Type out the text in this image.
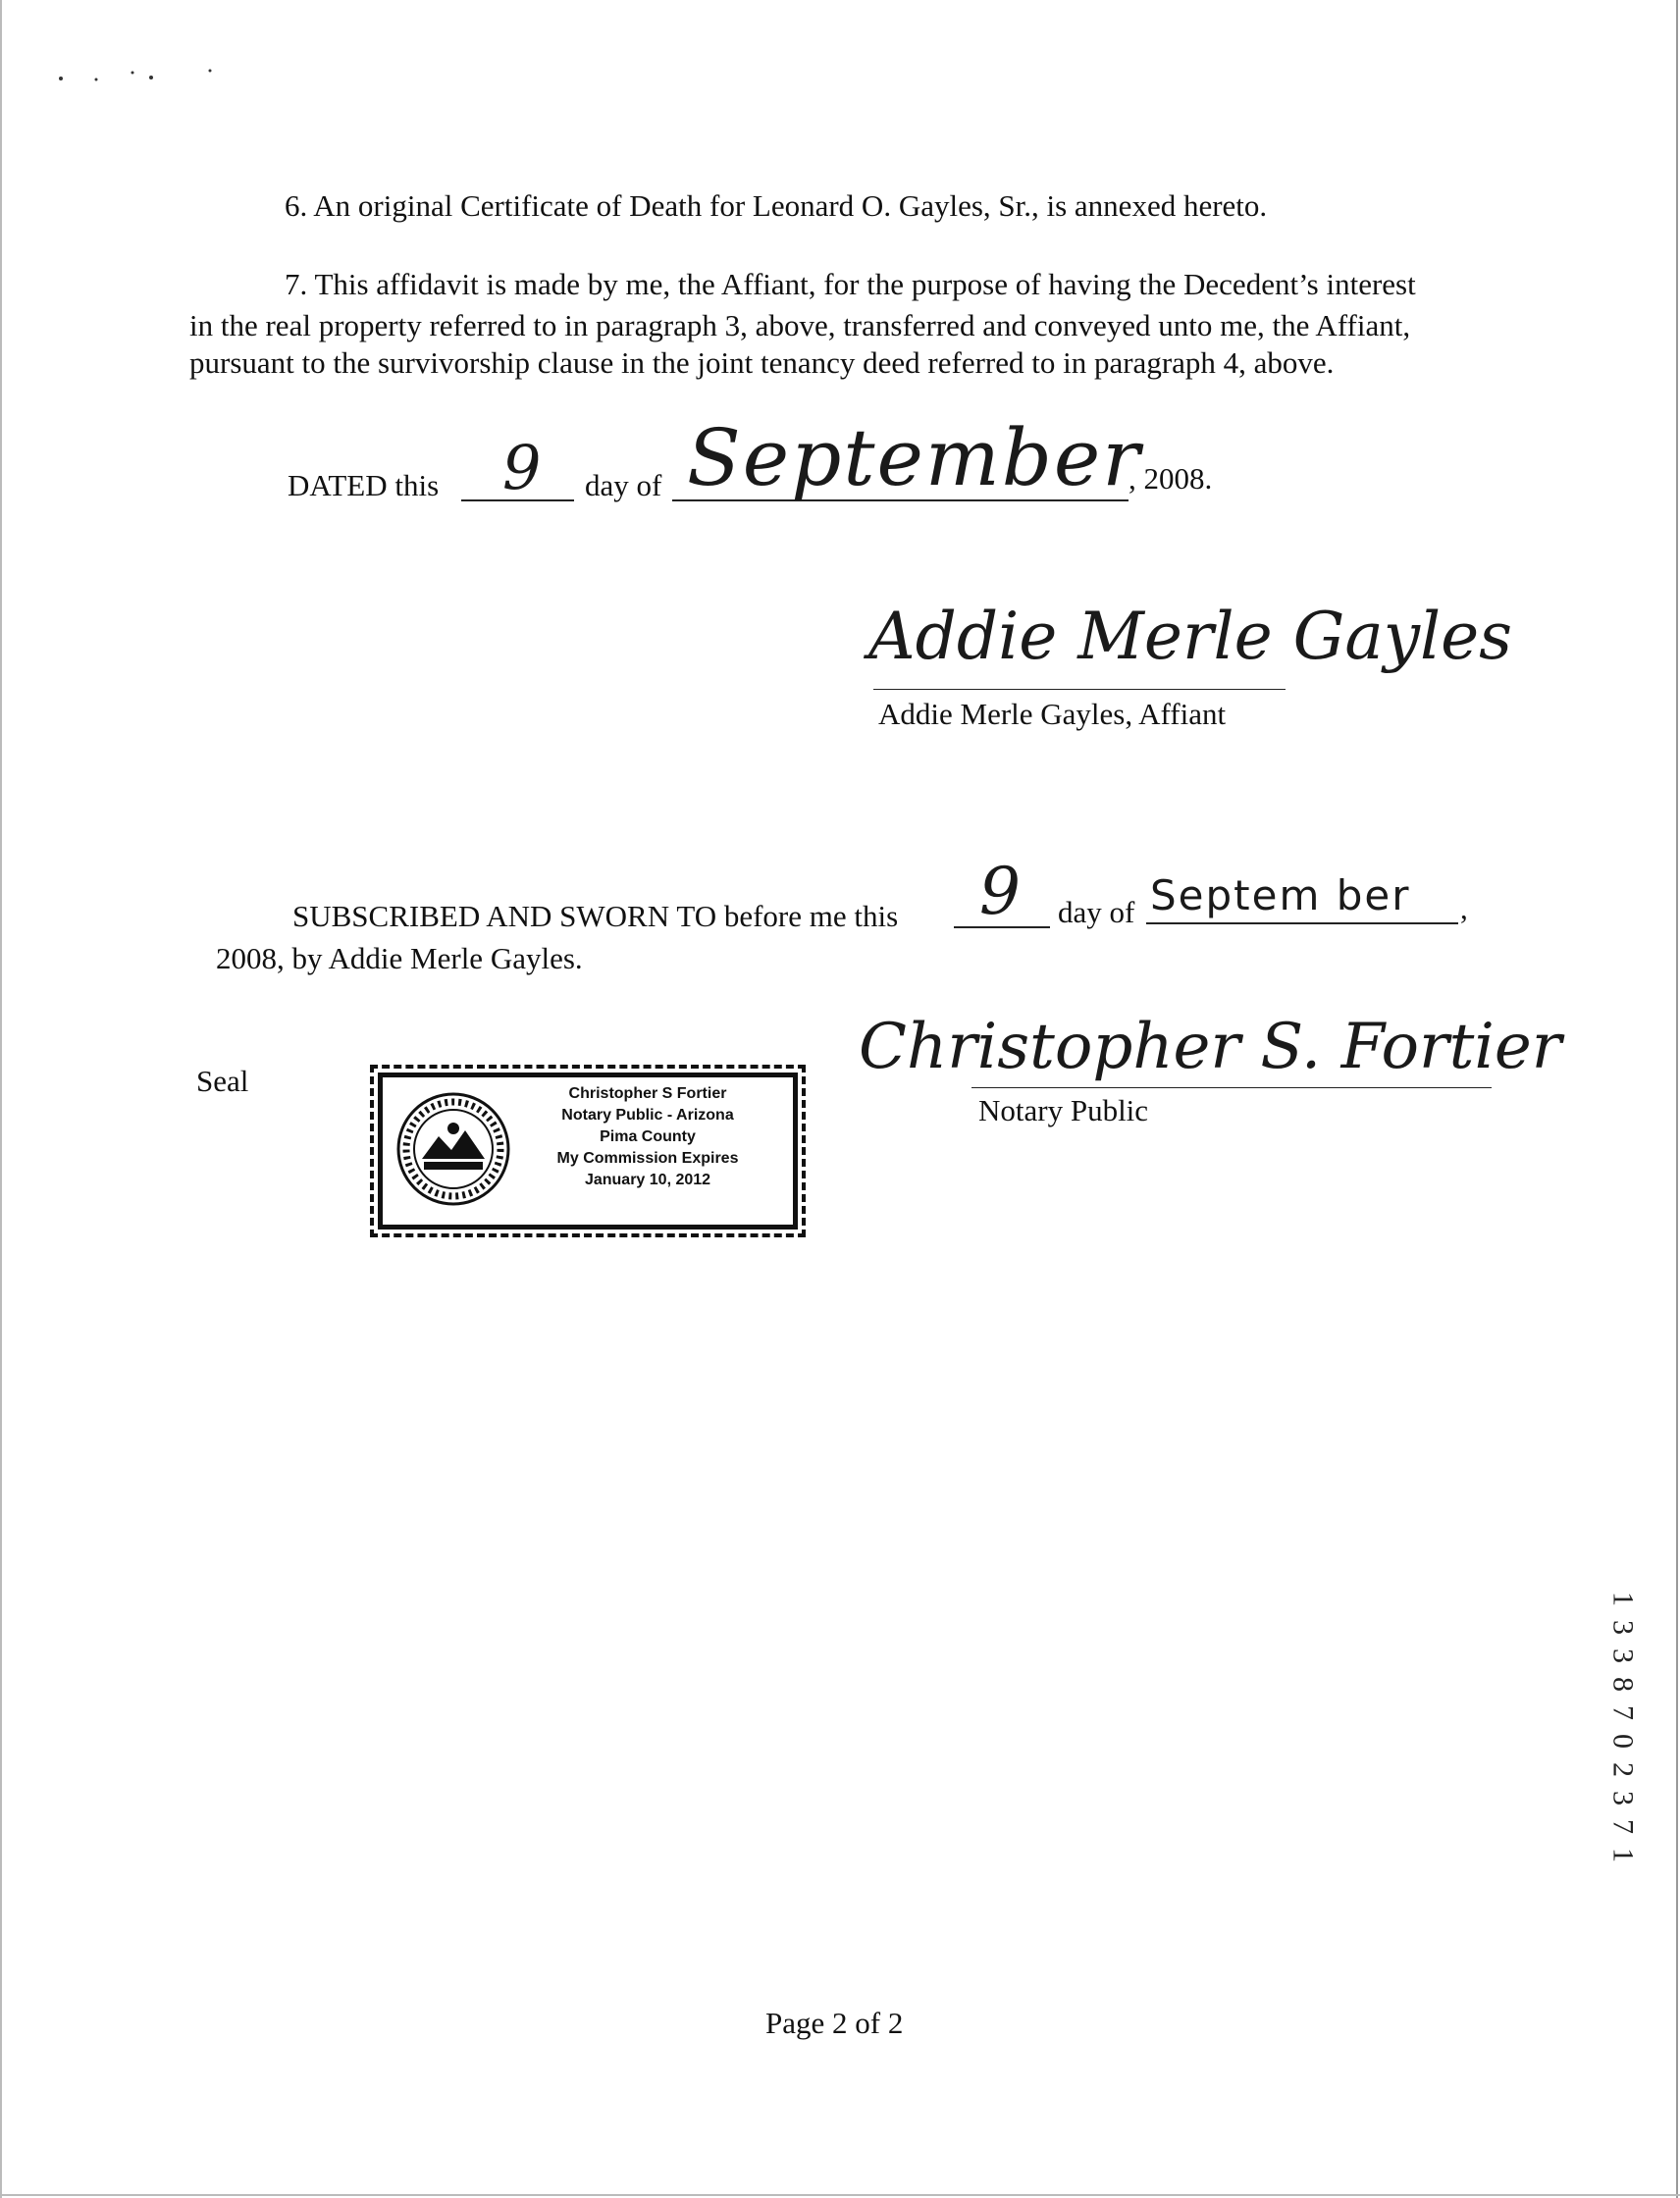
6. An original Certificate of Death for Leonard O. Gayles, Sr., is annexed hereto.
7. This affidavit is made by me, the Affiant, for the purpose of having the Decedent’s interest
in the real property referred to in paragraph 3, above, transferred and conveyed unto me, the Affiant,
pursuant to the survivorship clause in the joint tenancy deed referred to in paragraph 4, above.
DATED this 9 day of September
, 2008.
Addie Merle Gayles
Addie Merle Gayles, Affiant
SUBSCRIBED AND SWORN TO before me this 9 day of Septem ber ,
2008, by Addie Merle Gayles.
Christopher S. Fortier
Notary Public
Seal	Christopher S Fortier
Notary Public - Arizona
Pima County
My Commission Expires
January 10, 2012
1
3
3
8
7
0
2
3
7
1
Page 2 of 2
